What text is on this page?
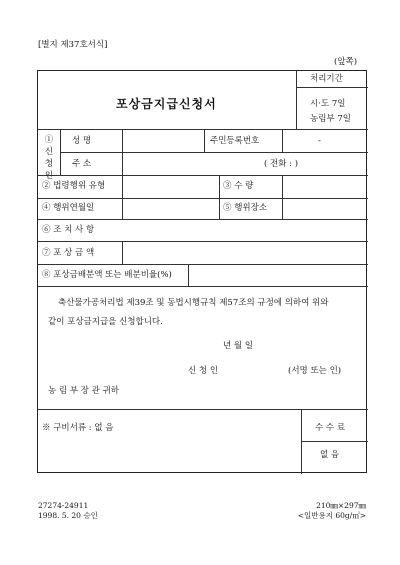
[별지 제37호서식]
(앞쪽)
포상금지급신청서
처리기간
시·도 7일
농림부 7일
① 신 청 인
성 명	주민등록번호	-
주 소	( 전화 : )
② 법령행위 유형	③ 수 량
④ 행위연월일	⑤ 행위장소
⑥ 조 치 사 항
⑦ 포 상 금 액
⑧ 포상금배분액 또는 배분비율(%)
축산물가공처리법 제39조 및 동법시행규칙 제57조의 규정에 의하여 위와
같이 포상금지급을 신청합니다.
년 월 일
신 청 인	(서명 또는 인)
농 림 부 장 관 귀하
※ 구비서류 : 없 음	수 수 료
없 음
27274-24911
1998. 5. 20 승인
210㎜×297㎜
<일반용지 60g/㎡>
